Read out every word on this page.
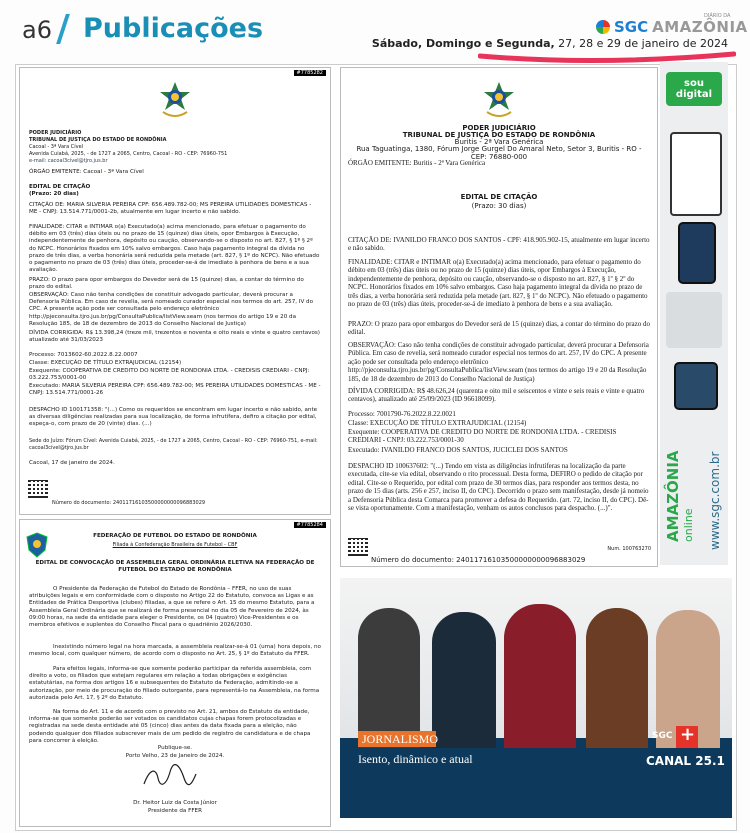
a6 Publicações	SGC AMAZÔNIA
DIÁRIO DA
Sábado, Domingo e Segunda, 27, 28 e 29 de janeiro de 2024
#7785282
PODER JUDICIÁRIO
TRIBUNAL DE JUSTIÇA DO ESTADO DE RONDÔNIA
Cacoal - 3ª Vara Cível
Avenida Cuiabá, 2025, - de 1727 a 2065, Centro, Cacoal - RO - CEP: 76960-751
e-mail: cacoal3cível@tjro.jus.br
ÓRGÃO EMITENTE: Cacoal - 3ª Vara Cível
EDITAL DE CITAÇÃO
(Prazo: 20 dias)
CITAÇÃO DE: MARIA SILVERIA PEREIRA CPF: 656.489.782-00; MS PEREIRA UTILIDADES DOMESTICAS - ME - CNPJ: 13.514.771/0001-2b, atualmente em lugar incerto e não sabido.
FINALIDADE: CITAR e INTIMAR o(a) Executado(a) acima mencionado, para efetuar o pagamento do débito em 03 (três) dias úteis ou no prazo de 15 (quinze) dias úteis, opor Embargos à Execução, independentemente de penhora, depósito ou caução, observando-se o disposto no art. 827, § 1º § 2º do NCPC. Honorários fixados em 10% salvo embargos. Caso haja pagamento integral da dívida no prazo de três dias, a verba honorária será reduzida pela metade (art. 827, § 1º do NCPC). Não efetuado o pagamento no prazo de 03 (três) dias úteis, proceder-se-á de imediato à penhora de bens e a sua avaliação.
PRAZO: O prazo para opor embargos do Devedor será de 15 (quinze) dias, a contar do término do prazo do edital.
OBSERVAÇÃO: Caso não tenha condições de constituir advogado particular, deverá procurar a Defensoria Pública. Em caso de revelia, será nomeado curador especial nos termos do art. 257, IV do CPC. A presente ação pode ser consultada pelo endereço eletrônico http://pjeconsulta.tjro.jus.br/pg/ConsultaPublica/listView.seam (nos termos do artigo 19 e 20 da Resolução 185, de 18 de dezembro de 2013 do Conselho Nacional de Justiça)
DÍVIDA CORRIGIDA: R$ 13.398,24 (treze mil, trezentos e noventa e oito reais e vinte e quatro centavos) atualizado até 31/03/2023
Processo: 7013602-60.2022.8.22.0007
Classe: EXECUÇÃO DE TÍTULO EXTRAJUDICIAL (12154)
Exequente: COOPERATIVA DE CREDITO DO NORTE DE RONDONIA LTDA. - CREDISIS CREDIARI - CNPJ: 03.222.753/0001-00
Executado: MARIA SILVERIA PEREIRA CPF: 656.489.782-00; MS PEREIRA UTILIDADES DOMESTICAS - ME - CNPJ: 13.514.771/0001-26
DESPACHO ID 100171358: "(...) Como os requeridos se encontram em lugar incerto e não sabido, ante as diversas diligências realizadas para sua localização, de forma infrutífera, defiro a citação por edital, espeça-o, com prazo de 20 (vinte) dias. (...)
Sede do Juízo: Fórum Cível: Avenida Cuiabá, 2025, - de 1727 a 2065, Centro, Cacoal - RO - CEP: 76960-751, e-mail: cacoal3cível@tjro.jus.br
Cacoal, 17 de janeiro de 2024.
Número do documento: 24011716103500000000096883029
PODER JUDICIÁRIO
TRIBUNAL DE JUSTIÇA DO ESTADO DE RONDÔNIA
Buritis - 2ª Vara Genérica
Rua Taguatinga, 1380, Fórum Jorge Gurgel Do Amaral Neto, Setor 3, Buritis - RO - CEP: 76880-000
ÓRGÃO EMITENTE: Buritis - 2ª Vara Genérica
EDITAL DE CITAÇÃO
(Prazo: 30 dias)
CITAÇÃO DE: IVANILDO FRANCO DOS SANTOS - CPF: 418.905.902-15, atualmente em lugar incerto e não sabido.
FINALIDADE: CITAR e INTIMAR o(a) Executado(a) acima mencionado, para efetuar o pagamento do débito em 03 (três) dias úteis ou no prazo de 15 (quinze) dias úteis, opor Embargos à Execução, independentemente de penhora, depósito ou caução, observando-se o disposto no art. 827, § 1º § 2º do NCPC. Honorários fixados em 10% salvo embargos. Caso haja pagamento integral da dívida no prazo de três dias, a verba honorária será reduzida pela metade (art. 827, § 1º do NCPC). Não efetuado o pagamento no prazo de 03 (três) dias úteis, proceder-se-á de imediato à penhora de bens e a sua avaliação.
PRAZO: O prazo para opor embargos do Devedor será de 15 (quinze) dias, a contar do término do prazo do edital.
OBSERVAÇÃO: Caso não tenha condições de constituir advogado particular, deverá procurar a Defensoria Pública. Em caso de revelia, será nomeado curador especial nos termos do art. 257, IV do CPC. A presente ação pode ser consultada pelo endereço eletrônico http://pjeconsulta.tjro.jus.br/pg/ConsultaPublica/listView.seam (nos termos do artigo 19 e 20 da Resolução 185, de 18 de dezembro de 2013 do Conselho Nacional de Justiça)
DÍVIDA CORRIGIDA: R$ 48.626,24 (quarenta e oito mil e seiscentos e vinte e seis reais e vinte e quatro centavos), atualizado até 25/09/2023 (ID 96618099).
Processo: 7001790-76.2022.8.22.0021
Classe: EXECUÇÃO DE TÍTULO EXTRAJUDICIAL (12154)
Exequente: COOPERATIVA DE CREDITO DO NORTE DE RONDONIA LTDA. - CREDISIS CREDIARI - CNPJ: 03.222.753/0001-30
Executado: IVANILDO FRANCO DOS SANTOS, JUCICLEI DOS SANTOS
DESPACHO ID 100637602: "(...) Tendo em vista as diligências infrutíferas na localização da parte executada, cite-se via edital, observando o rito processual. Desta forma, DEFIRO o pedido de citação por edital. Cite-se o Requerido, por edital com prazo de 30 termos dias, para responder aos termos desta, no prazo de 15 dias (arts. 256 e 257, inciso II, do CPC). Decorrido o prazo sem manifestação, desde já nomeio a Defensoria Pública desta Comarca para promover a defesa do Requerido. (art. 72, inciso II, do CPC). Dê-se vista oportunamente. Com a manifestação, venham os autos conclusos para despacho. (...)".
Número do documento: 24011716103500000000096883029
Num. 100763270
sou digital
AMAZÔNIA online www.sgc.com.br
#7785284
FEDERAÇÃO DE FUTEBOL DO ESTADO DE RONDÔNIA
Filiada à Confederação Brasileira de Futebol - CBF
EDITAL DE CONVOCAÇÃO DE ASSEMBLEIA GERAL ORDINÁRIA ELETIVA NA FEDERAÇÃO DE FUTEBOL DO ESTADO DE RONDÔNIA
O Presidente da Federação de Futebol do Estado de Rondônia – FFER, no uso de suas atribuições legais e em conformidade com o disposto no Artigo 22 do Estatuto, convoca as Ligas e as Entidades de Prática Desportiva (clubes) filiadas, a que se refere o Art. 15 do mesmo Estatuto, para a Assembleia Geral Ordinária que se realizará de forma presencial no dia 05 de Fevereiro de 2024, às 09:00 horas, na sede da entidade para eleger o Presidente, os 04 (quatro) Vice-Presidentes e os membros efetivos e suplentes do Conselho Fiscal para o quadriênio 2026/2030.
Inexistindo número legal na hora marcada, a assembleia realizar-se-á 01 (uma) hora depois, no mesmo local, com qualquer número, de acordo com o disposto no Art. 25, § 1º do Estatuto da FFER.
Para efeitos legais, informa-se que somente poderão participar da referida assembleia, com direito a voto, os filiados que estejam regulares em relação a todas obrigações e exigências estatutárias, na forma dos artigos 16 e subsequentes do Estatuto da Federação, admitindo-se a autorização, por meio de procuração do filiado outorgante, para representá-lo na Assembleia, na forma autorizada pelo Art. 17, § 2º do Estatuto.
Na forma do Art. 11 e de acordo com o previsto no Art. 21, ambos do Estatuto da entidade, informa-se que somente poderão ser votados os candidatos cujas chapas forem protocolizadas e registradas na sede desta entidade até 05 (cinco) dias antes da data fixada para a eleição, não podendo qualquer dos filiados subscrever mais de um pedido de registro de candidatura e de chapa para concorrer à eleição.
Publique-se.
Porto Velho, 23 de Janeiro de 2024.
Dr. Heitor Luiz da Costa Júnior
Presidente da FFER
JORNALISMO
Isento, dinâmico e atual
+
SGC
CANAL 25.1
